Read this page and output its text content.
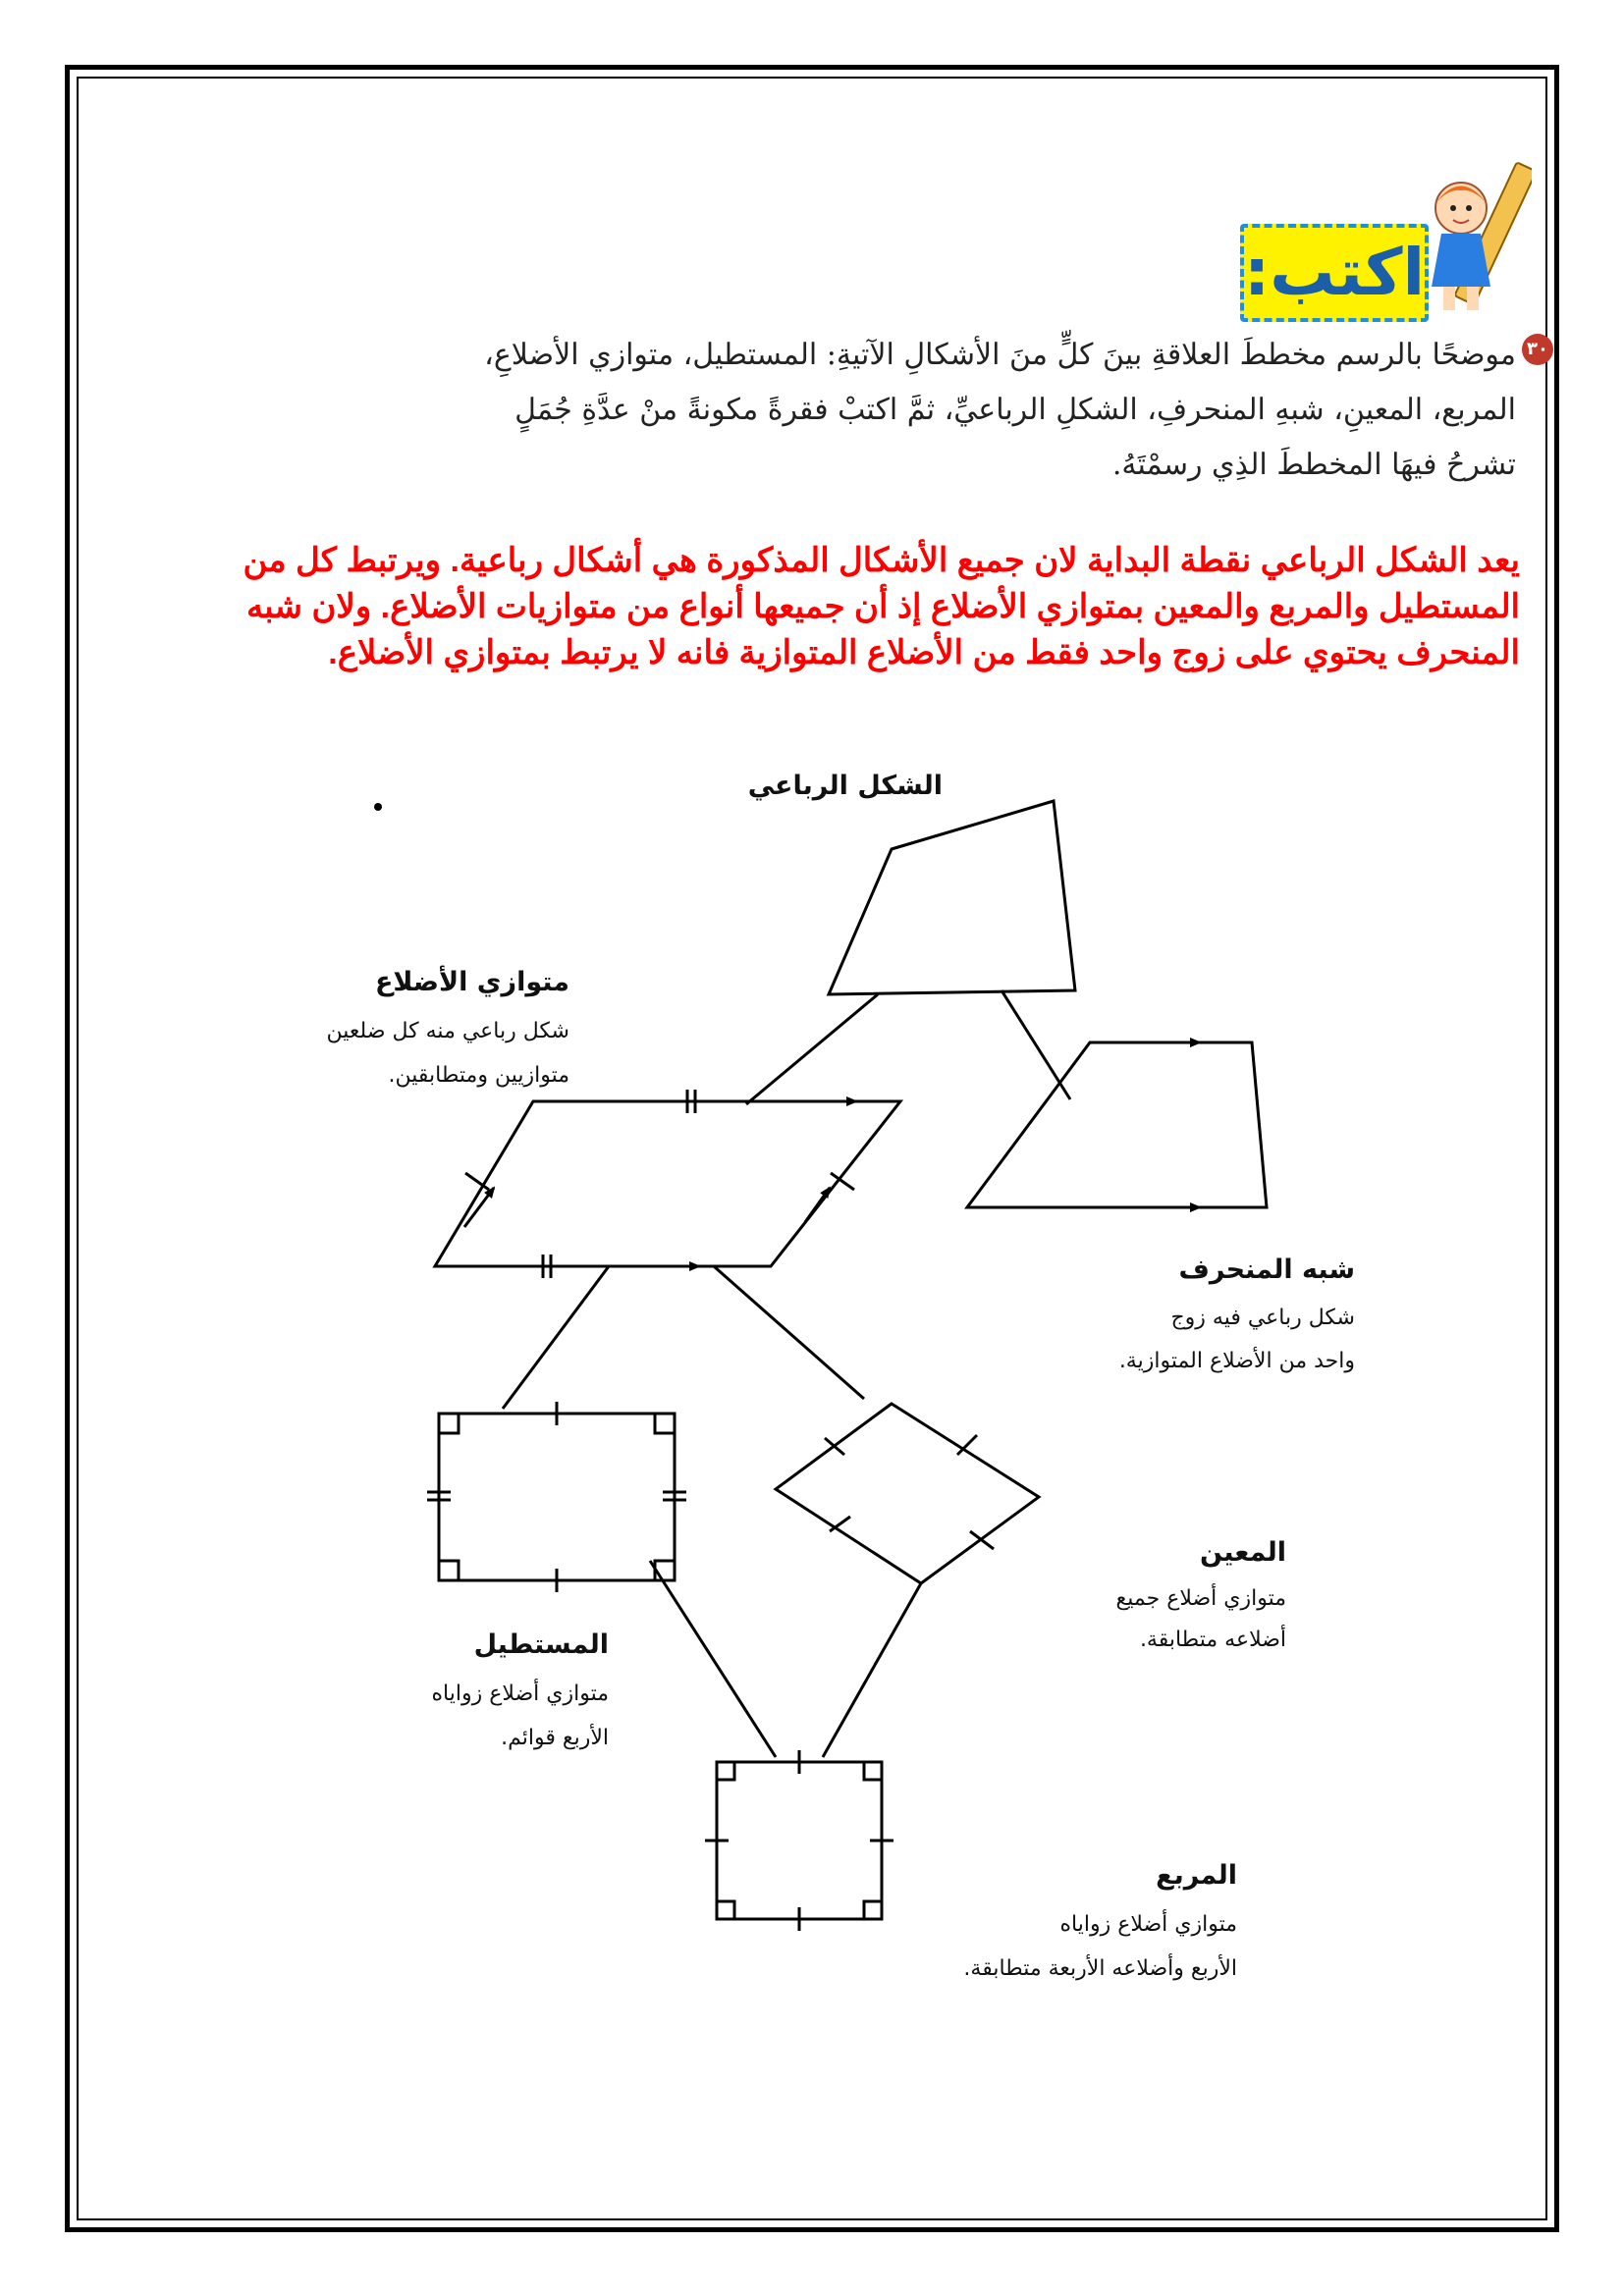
اكتب:
٣٠
موضحًا بالرسم مخططَ العلاقةِ بينَ كلٍّ منَ الأشكالِ الآتيةِ: المستطيل، متوازي الأضلاعِ، المربع، المعينِ، شبهِ المنحرفِ، الشكلِ الرباعيِّ، ثمَّ اكتبْ فقرةً مكونةً منْ عدَّةِ جُمَلٍ تشرحُ فيهَا المخططَ الذِي رسمْتَهُ.
يعد الشكل الرباعي نقطة البداية لان جميع الأشكال المذكورة هي أشكال رباعية. ويرتبط كل من المستطيل والمربع والمعين بمتوازي الأضلاع إذ أن جميعها أنواع من متوازيات الأضلاع. ولان شبه المنحرف يحتوي على زوج واحد فقط من الأضلاع المتوازية فانه لا يرتبط بمتوازي الأضلاع.
الشكل الرباعي
متوازي الأضلاع
شكل رباعي منه كل ضلعين
متوازيين ومتطابقين.
شبه المنحرف
شكل رباعي فيه زوج
واحد من الأضلاع المتوازية.
المعين
متوازي أضلاع جميع
أضلاعه متطابقة.
المستطيل
متوازي أضلاع زواياه
الأربع قوائم.
المربع
متوازي أضلاع زواياه
الأربع وأضلاعه الأربعة متطابقة.
